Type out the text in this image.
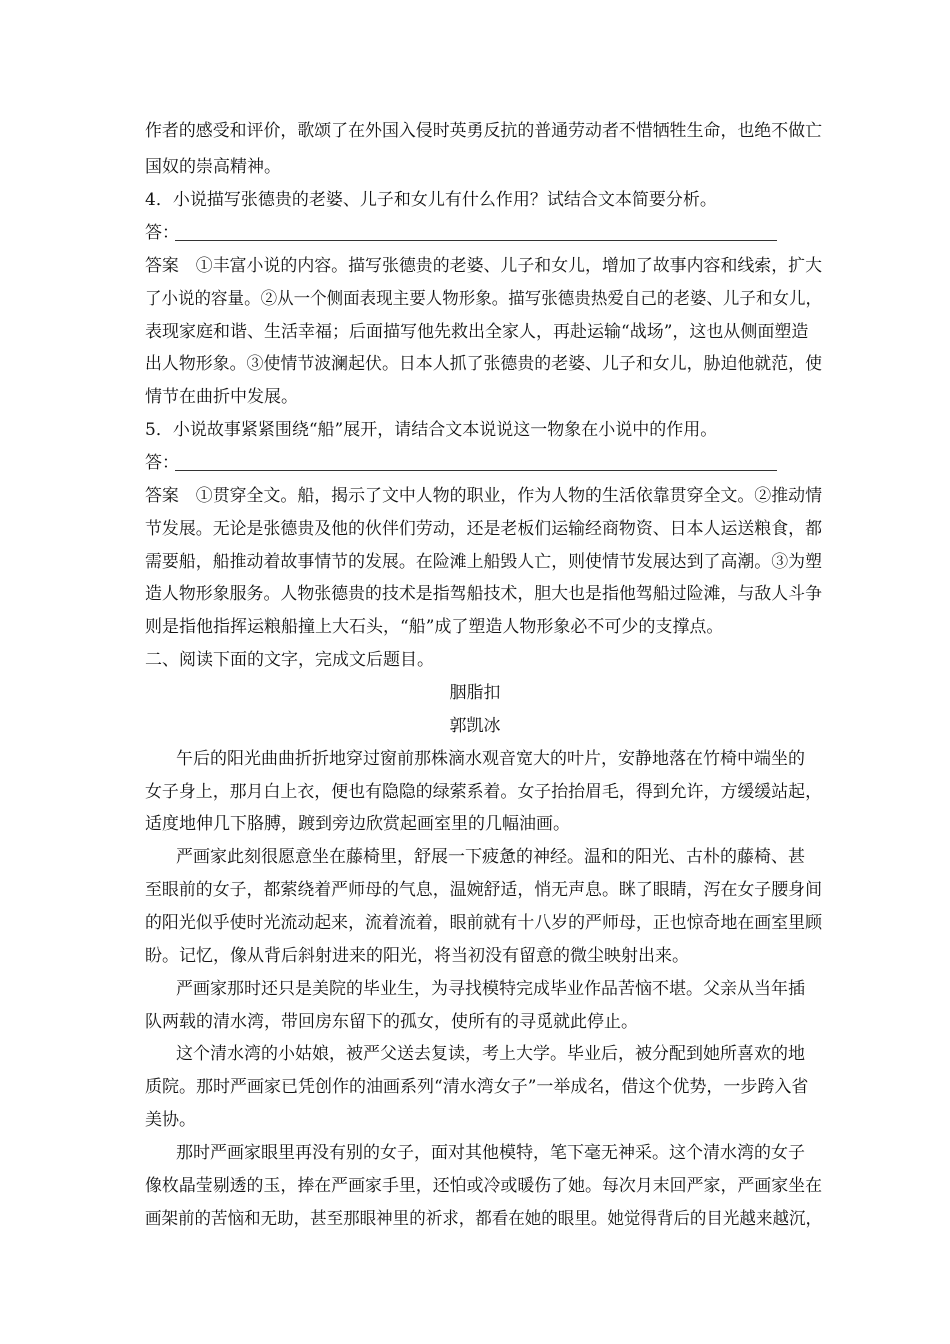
作者的感受和评价，歌颂了在外国入侵时英勇反抗的普通劳动者不惜牺牲生命，也绝不做亡
国奴的崇高精神。
4．小说描写张德贵的老婆、儿子和女儿有什么作用？试结合文本简要分析。
答：
答案　①丰富小说的内容。描写张德贵的老婆、儿子和女儿，增加了故事内容和线索，扩大
了小说的容量。②从一个侧面表现主要人物形象。描写张德贵热爱自己的老婆、儿子和女儿，
表现家庭和谐、生活幸福；后面描写他先救出全家人，再赴运输“战场”，这也从侧面塑造
出人物形象。③使情节波澜起伏。日本人抓了张德贵的老婆、儿子和女儿，胁迫他就范，使
情节在曲折中发展。
5．小说故事紧紧围绕“船”展开，请结合文本说说这一物象在小说中的作用。
答：
答案　①贯穿全文。船，揭示了文中人物的职业，作为人物的生活依靠贯穿全文。②推动情
节发展。无论是张德贵及他的伙伴们劳动，还是老板们运输经商物资、日本人运送粮食，都
需要船，船推动着故事情节的发展。在险滩上船毁人亡，则使情节发展达到了高潮。③为塑
造人物形象服务。人物张德贵的技术是指驾船技术，胆大也是指他驾船过险滩，与敌人斗争
则是指他指挥运粮船撞上大石头，“船”成了塑造人物形象必不可少的支撑点。
二、阅读下面的文字，完成文后题目。
胭脂扣
郭凯冰
午后的阳光曲曲折折地穿过窗前那株滴水观音宽大的叶片，安静地落在竹椅中端坐的
女子身上，那月白上衣，便也有隐隐的绿萦系着。女子抬抬眉毛，得到允许，方缓缓站起，
适度地伸几下胳膊，踱到旁边欣赏起画室里的几幅油画。
严画家此刻很愿意坐在藤椅里，舒展一下疲惫的神经。温和的阳光、古朴的藤椅、甚
至眼前的女子，都萦绕着严师母的气息，温婉舒适，悄无声息。眯了眼睛，泻在女子腰身间
的阳光似乎使时光流动起来，流着流着，眼前就有十八岁的严师母，正也惊奇地在画室里顾
盼。记忆，像从背后斜射进来的阳光，将当初没有留意的微尘映射出来。
严画家那时还只是美院的毕业生，为寻找模特完成毕业作品苦恼不堪。父亲从当年插
队两载的清水湾，带回房东留下的孤女，使所有的寻觅就此停止。
这个清水湾的小姑娘，被严父送去复读，考上大学。毕业后，被分配到她所喜欢的地
质院。那时严画家已凭创作的油画系列“清水湾女子”一举成名，借这个优势，一步跨入省
美协。
那时严画家眼里再没有别的女子，面对其他模特，笔下毫无神采。这个清水湾的女子
像枚晶莹剔透的玉，捧在严画家手里，还怕或冷或暖伤了她。每次月末回严家，严画家坐在
画架前的苦恼和无助，甚至那眼神里的祈求，都看在她的眼里。她觉得背后的目光越来越沉，
